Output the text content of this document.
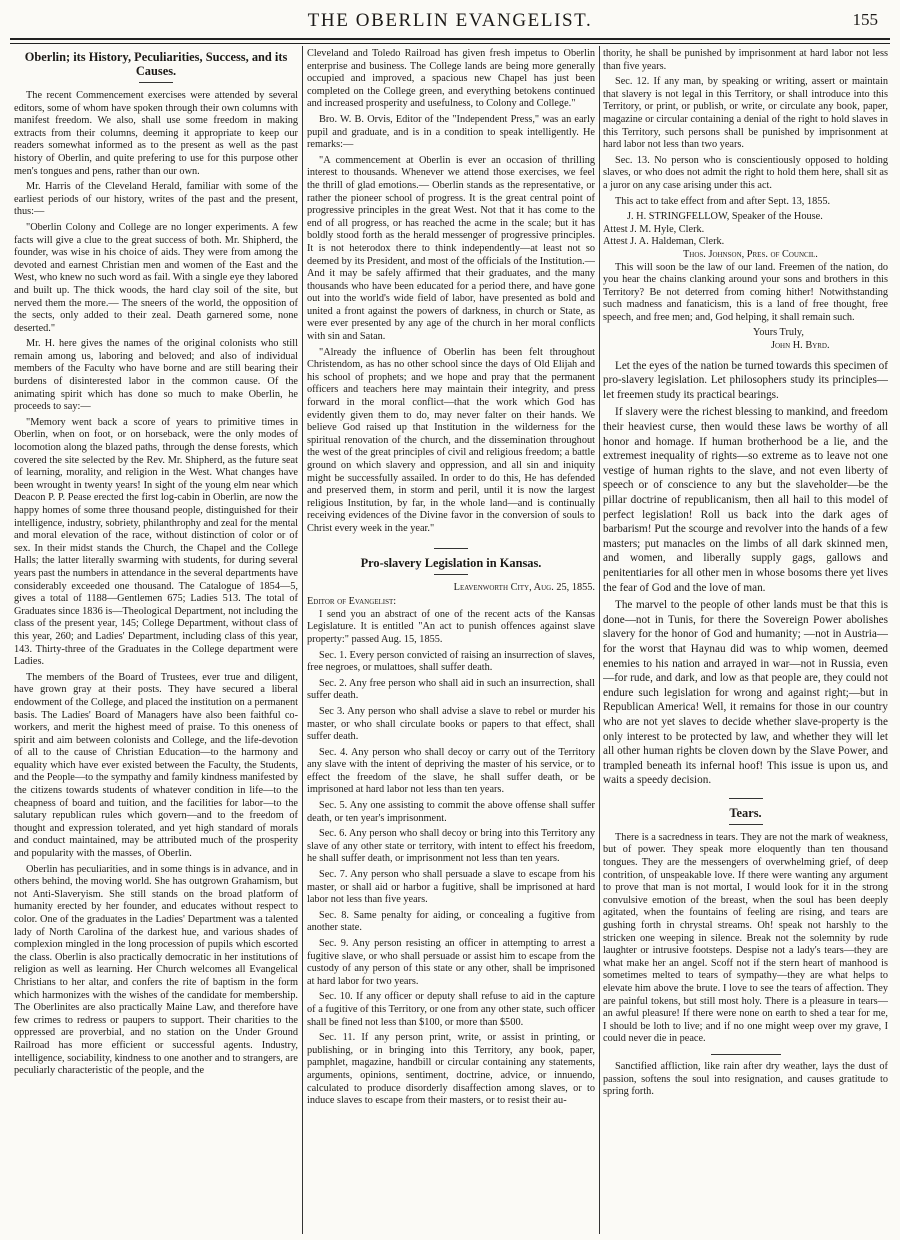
THE OBERLIN EVANGELIST.	155
Oberlin; its History, Peculiarities, Success, and its Causes.

The recent Commencement exercises were attended by several editors, some of whom have spoken through their own columns with manifest freedom. We also, shall use some freedom in making extracts from their columns, deeming it appropriate to keep our readers somewhat informed as to the present as well as the past history of Oberlin, and quite prefering to use for this purpose other men's tongues and pens, rather than our own.

Mr. Harris of the Cleveland Herald, familiar with some of the earliest periods of our history, writes of the past and the present, thus:—

"Oberlin Colony and College are no longer experiments. A few facts will give a clue to the great success of both. Mr. Shipherd, the founder, was wise in his choice of aids. They were from among the devoted and earnest Christian men and women of the East and the West, who knew no such word as fail. With a single eye they labored and built up. The thick woods, the hard clay soil of the site, but nerved them the more.— The sneers of the world, the opposition of the sects, only added to their zeal. Death garnered some, none deserted."

Mr. H. here gives the names of the original colonists who still remain among us, laboring and beloved; and also of individual members of the Faculty who have borne and are still bearing their burdens of disinterested labor in the common cause. Of the animating spirit which has done so much to make Oberlin, he proceeds to say:—

"Memory went back a score of years to primitive times in Oberlin, when on foot, or on horseback, were the only modes of locomotion along the blazed paths, through the dense forests, which covered the site selected by the Rev. Mr. Shipherd, as the future seat of learning, morality, and religion in the West. What changes have been wrought in twenty years! In sight of the young elm near which Deacon P. P. Pease erected the first log-cabin in Oberlin, are now the happy homes of some three thousand people, distinguished for their intelligence, industry, sobriety, philanthrophy and zeal for the mental and moral elevation of the race, without distinction of color or of sex. In their midst stands the Church, the Chapel and the College Halls; the latter literally swarming with students, for during several years past the numbers in attendance in the several departments have considerably exceeded one thousand. The Catalogue of 1854—5, gives a total of 1188—Gentlemen 675; Ladies 513. The total of Graduates since 1836 is—Theological Department, not including the class of the present year, 145; College Department, without class of this year, 260; and Ladies' Department, including class of this year, 143. Thirty-three of the Graduates in the College department were Ladies.

The members of the Board of Trustees, ever true and diligent, have grown gray at their posts. They have secured a liberal endowment of the College, and placed the institution on a permanent basis. The Ladies' Board of Managers have also been faithful co-workers, and merit the highest meed of praise. To this oneness of spirit and aim between colonists and College, and the life-devotion of all to the cause of Christian Education—to the harmony and equality which have ever existed between the Faculty, the Students, and the People—to the sympathy and family kindness manifested by the citizens towards students of whatever condition in life—to the cheapness of board and tuition, and the facilities for labor—to the salutary republican rules which govern—and to the freedom of thought and expression tolerated, and yet high standard of morals and conduct maintained, may be attributed much of the prosperity and popularity with the masses, of Oberlin.

Oberlin has peculiarities, and in some things is in advance, and in others behind, the moving world. She has outgrown Grahamism, but not Anti-Slaveryism. She still stands on the broad platform of humanity erected by her founder, and educates without respect to color. One of the graduates in the Ladies' Department was a talented lady of North Carolina of the darkest hue, and various shades of complexion mingled in the long procession of pupils which escorted the class. Oberlin is also practically democratic in her institutions of religion as well as learning. Her Church welcomes all Evangelical Christians to her altar, and confers the rite of baptism in the form which harmonizes with the wishes of the candidate for membership. The Oberlinites are also practically Maine Law, and therefore have few crimes to redress or paupers to support. Their charities to the oppressed are proverbial, and no station on the Under Ground Railroad has more efficient or successful agents. Industry, intelligence, sociability, kindness to one another and to strangers, are peculiarly characteristic of the people, and the

Cleveland and Toledo Railroad has given fresh impetus to Oberlin enterprise and business. The College lands are being more generally occupied and improved, a spacious new Chapel has just been completed on the College green, and everything betokens continued and increased prosperity and usefulness, to Colony and College."

Bro. W. B. Orvis, Editor of the "Independent Press," was an early pupil and graduate, and is in a condition to speak intelligently. He remarks:—

"A commencement at Oberlin is ever an occasion of thrilling interest to thousands. Whenever we attend those exercises, we feel the thrill of glad emotions.— Oberlin stands as the representative, or rather the pioneer school of progress. It is the great central point of progressive principles in the great West. Not that it has come to the end of all progress, or has reached the acme in the scale; but it has boldly stood forth as the herald messenger of progressive principles. It is not heterodox there to think independently—at least not so deemed by its President, and most of the officials of the Institution.— And it may be safely affirmed that their graduates, and the many thousands who have been educated for a period there, and have gone out into the world's wide field of labor, have presented as bold and united a front against the powers of darkness, in church or State, as were ever presented by any age of the church in her moral conflicts with sin and Satan.

"Already the influence of Oberlin has been felt throughout Christendom, as has no other school since the days of Old Elijah and his school of prophets; and we hope and pray that the permanent officers and teachers here may maintain their integrity, and press forward in the moral conflict—that the work which God has evidently given them to do, may never falter on their hands. We believe God raised up that Institution in the wilderness for the spiritual renovation of the church, and the dissemination throughout the west of the great principles of civil and religious freedom; a battle ground on which slavery and oppression, and all sin and iniquity might be successfully assailed. In order to do this, He has defended and preserved them, in storm and peril, until it is now the largest religious Institution, by far, in the whole land—and is continually receiving evidences of the Divine favor in the conversion of souls to Christ every week in the year."

Pro-slavery Legislation in Kansas.

Leavenworth City, Aug. 25, 1855.

Editor of Evangelist:

I send you an abstract of one of the recent acts of the Kansas Legislature. It is entitled "An act to punish offences against slave property:" passed Aug. 15, 1855.

Sec. 1. Every person convicted of raising an insurrection of slaves, free negroes, or mulattoes, shall suffer death.

Sec. 2. Any free person who shall aid in such an insurrection, shall suffer death.

Sec 3. Any person who shall advise a slave to rebel or murder his master, or who shall circulate books or papers to that effect, shall suffer death.

Sec. 4. Any person who shall decoy or carry out of the Territory any slave with the intent of depriving the master of his service, or to effect the freedom of the slave, he shall suffer death, or be imprisoned at hard labor not less than ten years.

Sec. 5. Any one assisting to commit the above offense shall suffer death, or ten year's imprisonment.

Sec. 6. Any person who shall decoy or bring into this Territory any slave of any other state or territory, with intent to effect his freedom, he shall suffer death, or imprisonment not less than ten years.

Sec. 7. Any person who shall persuade a slave to escape from his master, or shall aid or harbor a fugitive, shall be imprisoned at hard labor not less than five years.

Sec. 8. Same penalty for aiding, or concealing a fugitive from another state.

Sec. 9. Any person resisting an officer in attempting to arrest a fugitive slave, or who shall persuade or assist him to escape from the custody of any person of this state or any other, shall be imprisoned at hard labor for two years.

Sec. 10. If any officer or deputy shall refuse to aid in the capture of a fugitive of this Territory, or one from any other state, such officer shall be fined not less than $100, or more than $500.

Sec. 11. If any person print, write, or assist in printing, or publishing, or in bringing into this Territory, any book, paper, pamphlet, magazine, handbill or circular containing any statements, arguments, opinions, sentiment, doctrine, advice, or innuendo, calculated to produce disorderly disaffection among slaves, or to induce slaves to escape from their masters, or to resist their au-

thority, he shall be punished by imprisonment at hard labor not less than five years.

Sec. 12. If any man, by speaking or writing, assert or maintain that slavery is not legal in this Territory, or shall introduce into this Territory, or print, or publish, or write, or circulate any book, paper, magazine or circular containing a denial of the right to hold slaves in this Territory, such persons shall be punished by imprisonment at hard labor not less than two years.

Sec. 13. No person who is conscientiously opposed to holding slaves, or who does not admit the right to hold them here, shall sit as a juror on any case arising under this act.

This act to take effect from and after Sept. 13, 1855.

J. H. STRINGFELLOW, Speaker of the House.

Attest J. M. Hyle, Clerk.

Attest J. A. Haldeman, Clerk.

Thos. Johnson, Pres. of Council.

This will soon be the law of our land. Freemen of the nation, do you hear the chains clanking around your sons and brothers in this Territory? Be not deterred from coming hither! Notwithstanding such madness and fanaticism, this is a land of free thought, free speech, and free men; and, God helping, it shall remain such.

Yours Truly,

John H. Byrd.

Let the eyes of the nation be turned towards this specimen of pro-slavery legislation. Let philosophers study its principles—let freemen study its practical bearings.

If slavery were the richest blessing to mankind, and freedom their heaviest curse, then would these laws be worthy of all honor and homage. If human brotherhood be a lie, and the extremest inequality of rights—so extreme as to leave not one vestige of human rights to the slave, and not even liberty of speech or of conscience to any but the slaveholder—be the pillar doctrine of republicanism, then all hail to this model of perfect legislation! Roll us back into the dark ages of barbarism! Put the scourge and revolver into the hands of a few masters; put manacles on the limbs of all dark skinned men, and women, and liberally supply gags, gallows and penitentiaries for all other men in whose bosoms there yet lives the fear of God and the love of man.

The marvel to the people of other lands must be that this is done—not in Tunis, for there the Sovereign Power abolishes slavery for the honor of God and humanity; —not in Austria—for the worst that Haynau did was to whip women, deemed enemies to his nation and arrayed in war—not in Russia, even—for rude, and dark, and low as that people are, they could not endure such legislation for wrong and against right;—but in Republican America! Well, it remains for those in our country who are not yet slaves to decide whether slave-property is the only interest to be protected by law, and whether they will let all other human rights be cloven down by the Slave Power, and trampled beneath its infernal hoof! This issue is upon us, and waits a speedy decision.

Tears.

There is a sacredness in tears. They are not the mark of weakness, but of power. They speak more eloquently than ten thousand tongues. They are the messengers of overwhelming grief, of deep contrition, of unspeakable love. If there were wanting any argument to prove that man is not mortal, I would look for it in the strong convulsive emotion of the breast, when the soul has been deeply agitated, when the fountains of feeling are rising, and tears are gushing forth in chrystal streams. Oh! speak not harshly to the stricken one weeping in silence. Break not the solemnity by rude laughter or intrusive footsteps. Despise not a lady's tears—they are what make her an angel. Scoff not if the stern heart of manhood is sometimes melted to tears of sympathy—they are what helps to elevate him above the brute. I love to see the tears of affection. They are painful tokens, but still most holy. There is a pleasure in tears—an awful pleasure! If there were none on earth to shed a tear for me, I should be loth to live; and if no one might weep over my grave, I could never die in peace.

Sanctified affliction, like rain after dry weather, lays the dust of passion, softens the soul into resignation, and causes gratitude to spring forth.
